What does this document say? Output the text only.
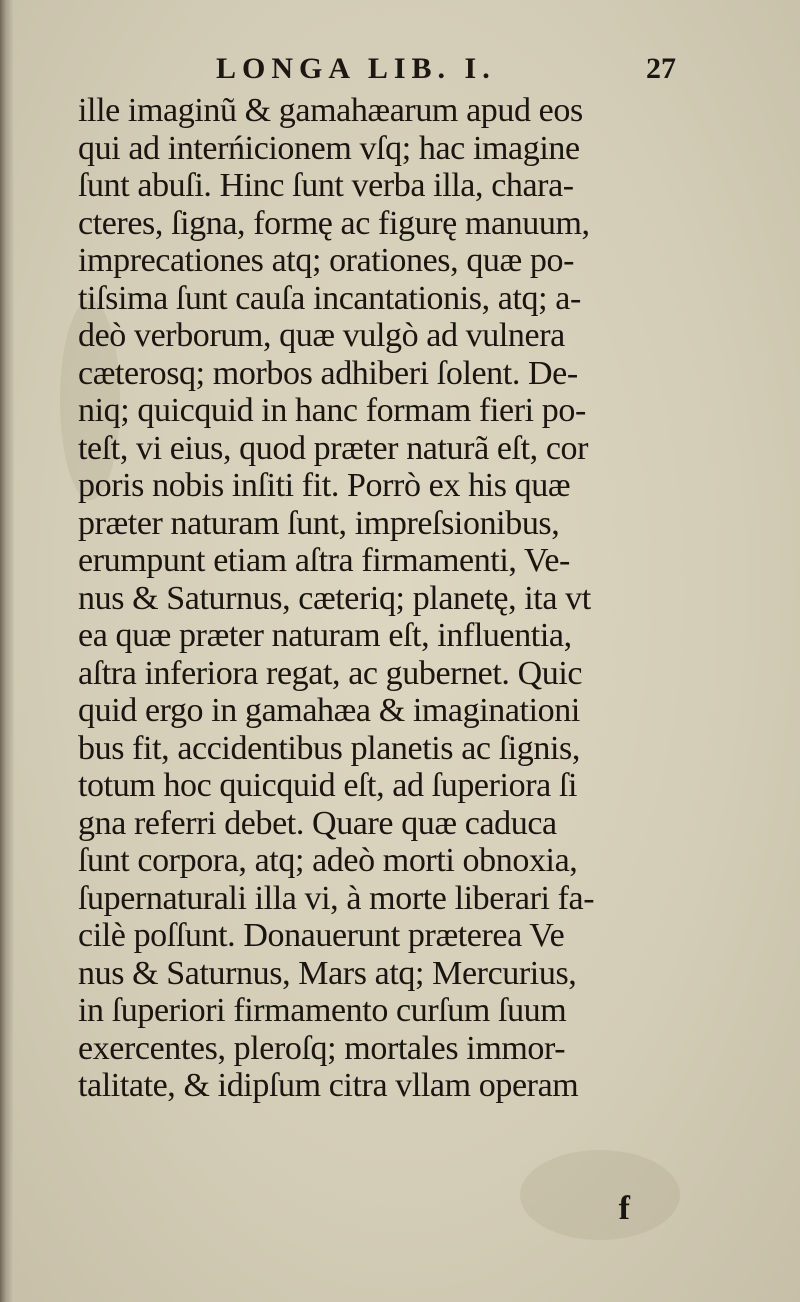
LONGA LIB. I.	27
ille imaginũ & gamahæarum apud eos
qui ad interńicionem vſq; hac imagine
ſunt abuſi. Hinc ſunt verba illa, chara-
cteres, ſigna, formę ac figurę manuum,
imprecationes atq; orationes, quæ po-
tiſsima ſunt cauſa incantationis, atq; a-
deò verborum, quæ vulgò ad vulnera
cæterosq; morbos adhiberi ſolent. De-
niq; quicquid in hanc formam fieri po-
teſt, vi eius, quod præter naturã eſt, cor
poris nobis inſiti fit. Porrò ex his quæ
præter naturam ſunt, impreſsionibus,
erumpunt etiam aſtra firmamenti, Ve-
nus & Saturnus, cæteriq; planetę, ita vt
ea quæ præter naturam eſt, influentia,
aſtra inferiora regat, ac gubernet. Quic
quid ergo in gamahæa & imaginationi
bus fit, accidentibus planetis ac ſignis,
totum hoc quicquid eſt, ad ſuperiora ſi
gna referri debet. Quare quæ caduca
ſunt corpora, atq; adeò morti obnoxia,
ſupernaturali illa vi, à morte liberari fa-
cilè poſſunt. Donauerunt præterea Ve
nus & Saturnus, Mars atq; Mercurius,
in ſuperiori firmamento curſum ſuum
exercentes, pleroſq; mortales immor-
talitate, & idipſum citra vllam operam
f
